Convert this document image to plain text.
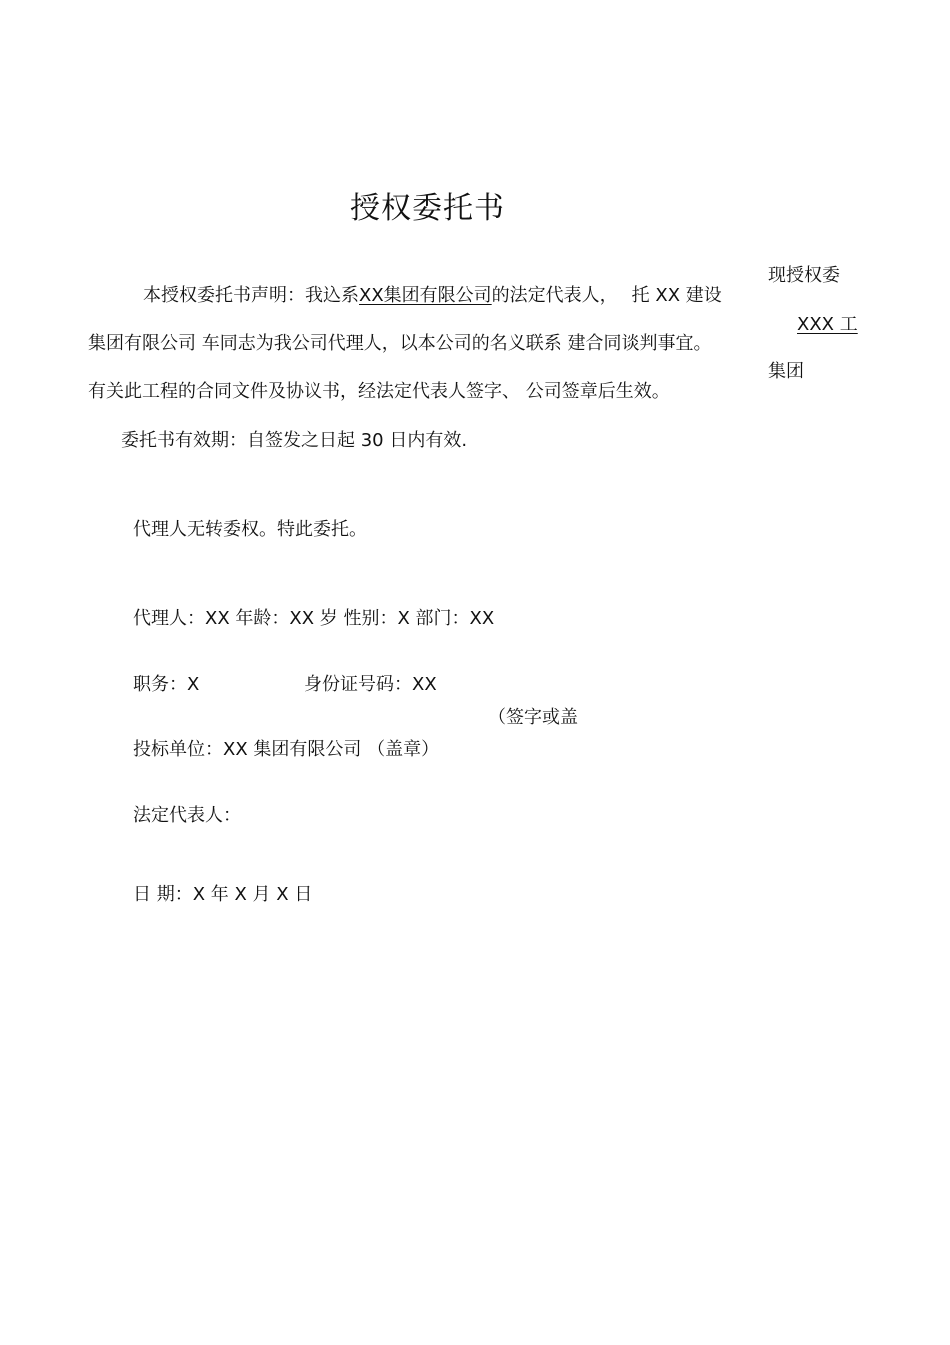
授权委托书
本授权委托书声明：我込系XX集团有限公司的法定代表人， 托 XX 建设
现授权委
XXX 工
集团有限公司 车同志为我公司代理人，以本公司的名义联系 建合同谈判事宜。
集团
有关此工程的合同文件及协议书，经法定代表人签字、 公司签章后生效。
委托书有效期：自签发之日起 30 日内有效.
代理人无转委权。特此委托。
代理人：XX 年龄：XX 岁 性别：X 部门：XX
职务：X	身份证号码：XX
（签字或盖
投标单位：XX 集团有限公司 （盖章）
法定代表人：
日 期：X 年 X 月 X 日
